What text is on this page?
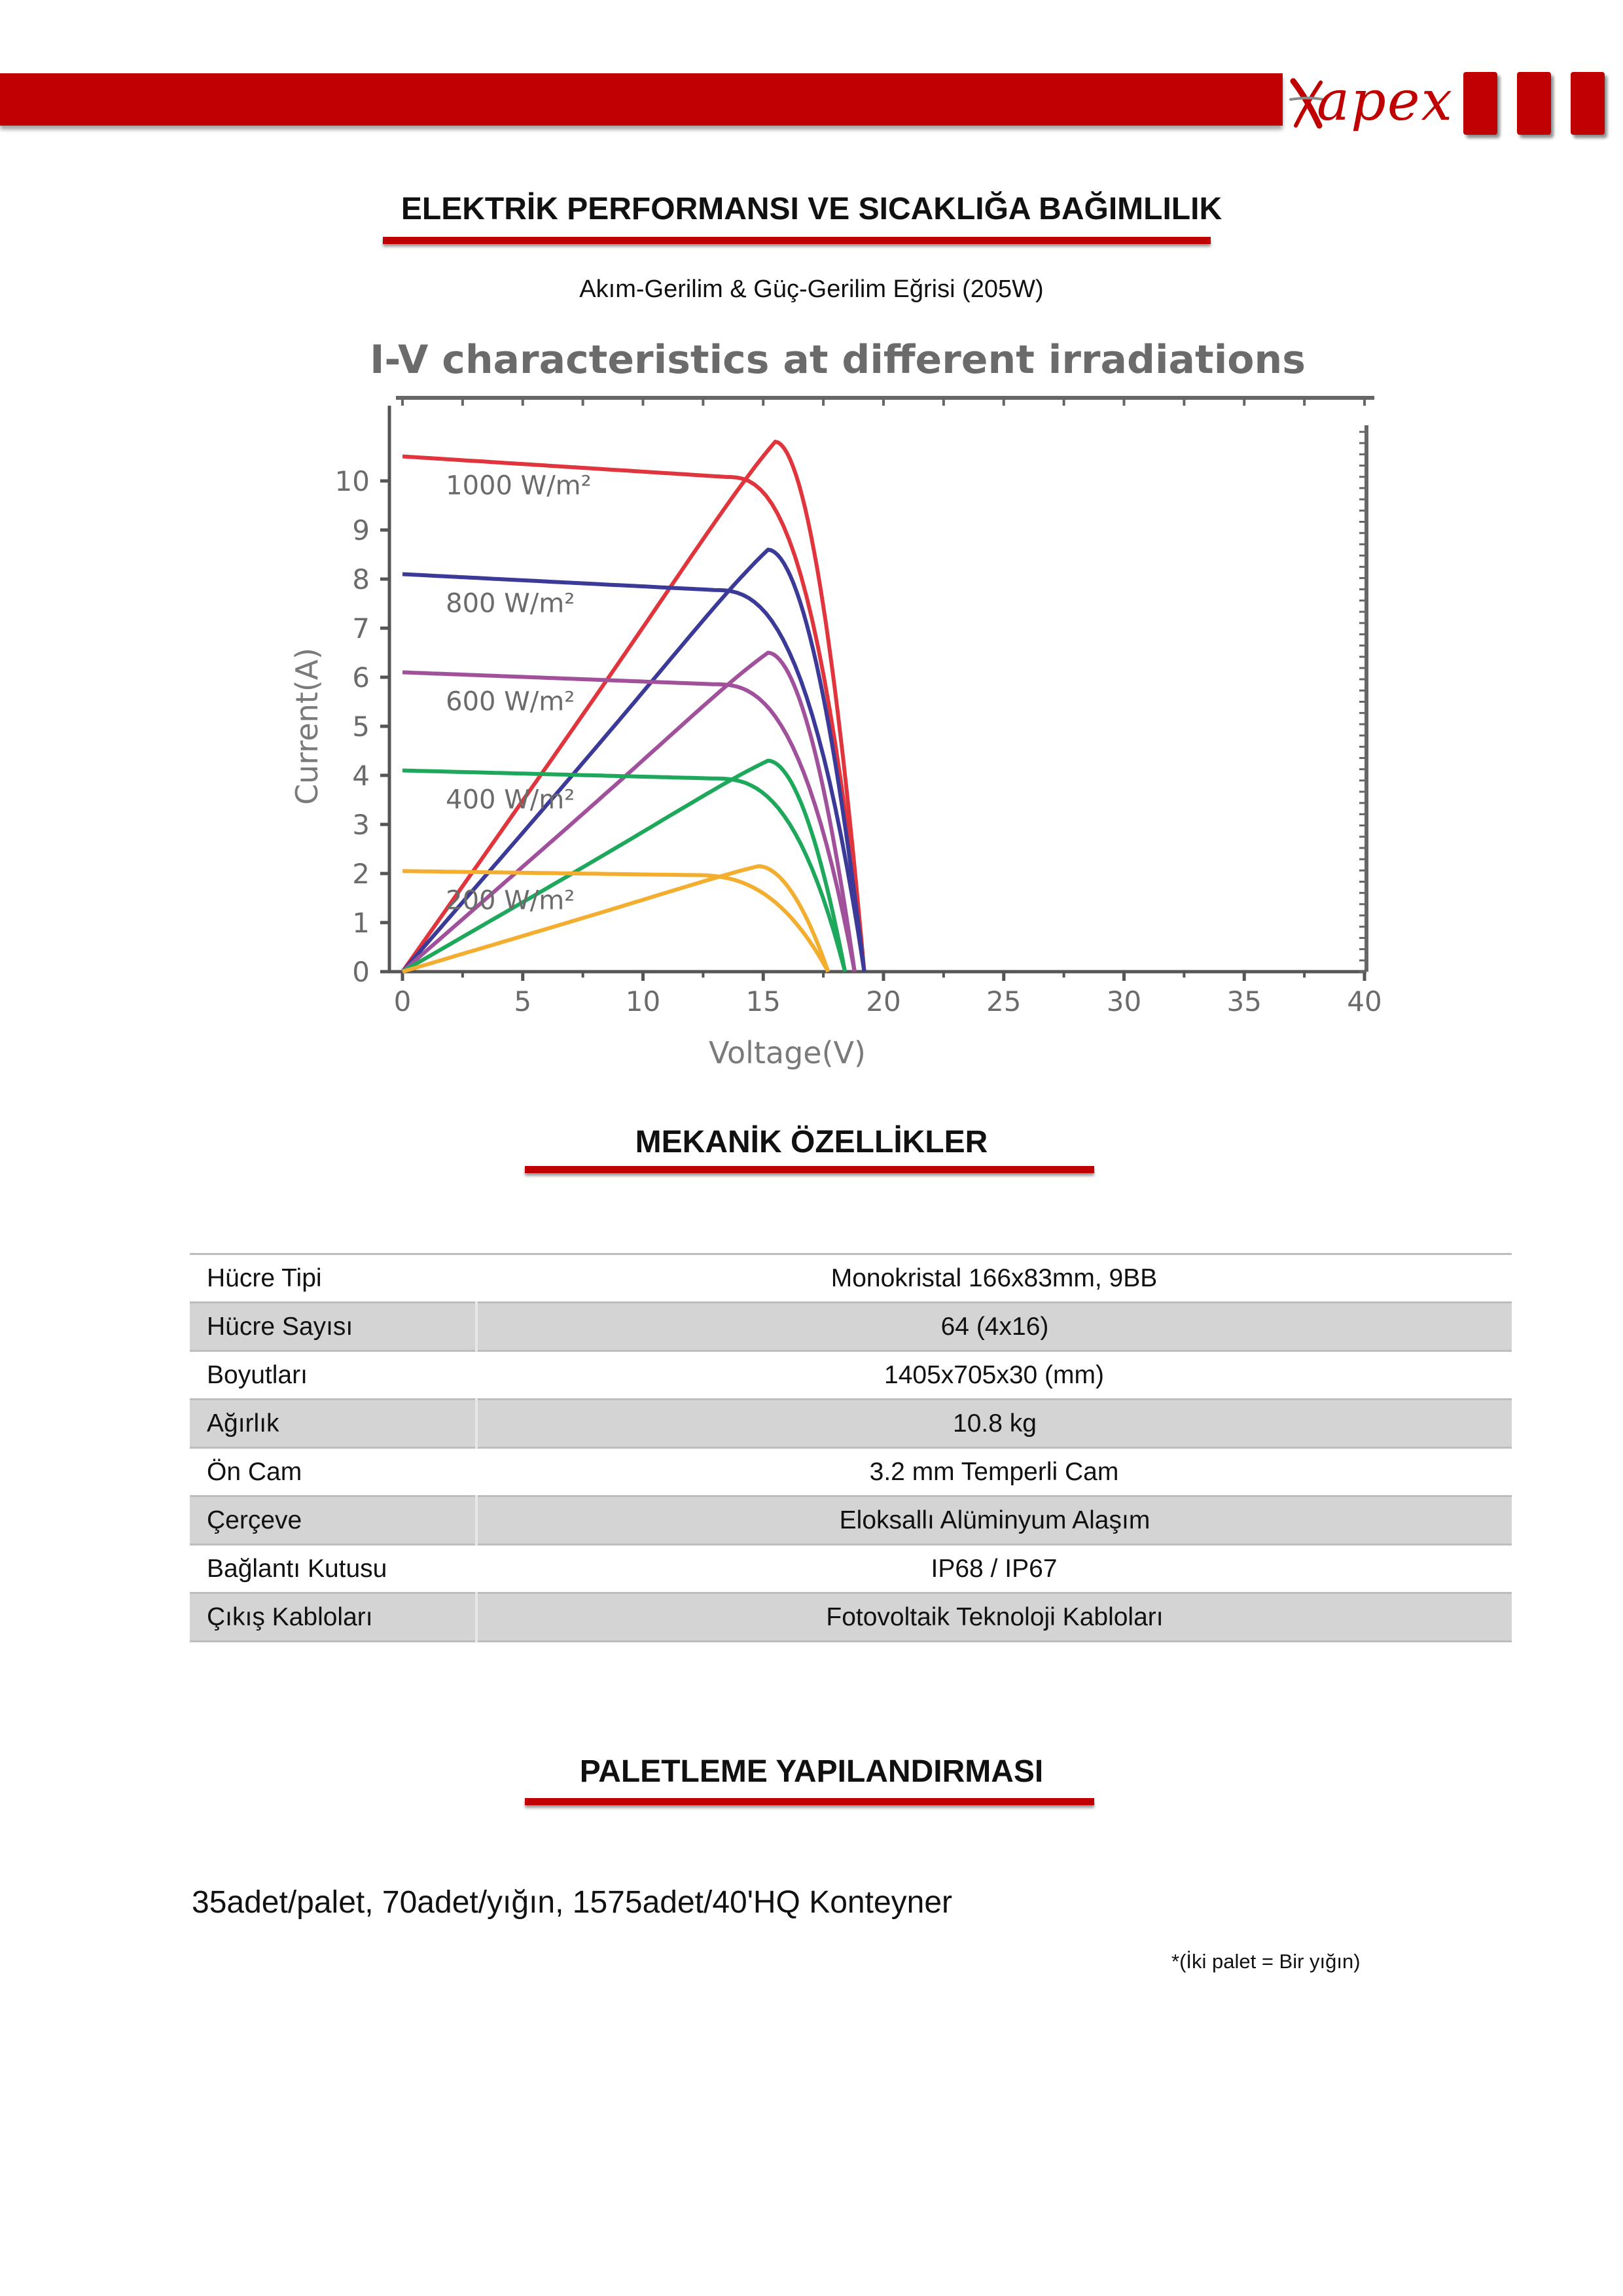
apex
ELEKTRİK PERFORMANSI VE SICAKLIĞA BAĞIMLILIK
Akım-Gerilim & Güç-Gerilim Eğrisi (205W)
I-V characteristics at different irradiations
0	5	10	15	20	25	30	35	40
0
1
2
3
4
5
6
7
8
9
10
Voltage(V)
Current(A)
1000 W/m²
800 W/m²
600 W/m²
400 W/m²
200 W/m²
MEKANİK ÖZELLİKLER
Hücre Tipi	Monokristal 166x83mm, 9BB
Hücre Sayısı	64 (4x16)
Boyutları	1405x705x30 (mm)
Ağırlık	10.8 kg
Ön Cam	3.2 mm Temperli Cam
Çerçeve	Eloksallı Alüminyum Alaşım
Bağlantı Kutusu	IP68 / IP67
Çıkış Kabloları	Fotovoltaik Teknoloji Kabloları
PALETLEME YAPILANDIRMASI
35adet/palet, 70adet/yığın, 1575adet/40'HQ Konteyner
*(İki palet = Bir yığın)
